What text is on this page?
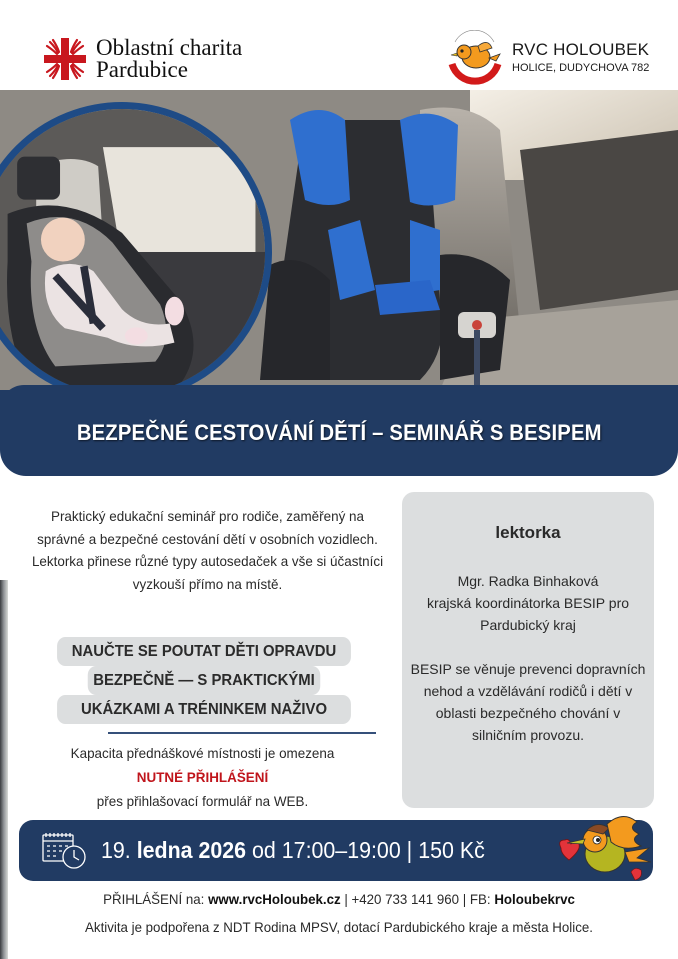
Oblastní charita
Pardubice
RVC HOLOUBEK
HOLICE, DUDYCHOVA 782
BEZPEČNÉ CESTOVÁNÍ DĚTÍ – SEMINÁŘ S BESIPEM

Praktický edukační seminář pro rodiče, zaměřený na správné a bezpečné cestování dětí v osobních vozidlech.

Lektorka přinese různé typy autosedaček a vše si účastníci vyzkouší přímo na místě.

NAUČTE SE POUTAT DĚTI OPRAVDU
BEZPEČNĚ — S PRAKTICKÝMI
UKÁZKAMI A TRÉNINKEM NAŽIVO
Kapacita přednáškové místnosti je omezena
NUTNÉ PŘIHLÁŠENÍ
přes přihlašovací formulář na WEB.
lektorka
Mgr. Radka Binhaková
krajská koordinátorka BESIP pro Pardubický kraj
BESIP se věnuje prevenci dopravních nehod a vzdělávání rodičů i dětí v oblasti bezpečného chování v silničním provozu.
19. ledna 2026 od 17:00–19:00 | 150 Kč
PŘIHLÁŠENÍ na: www.rvcHoloubek.cz | +420 733 141 960 | FB: Holoubekrvc
Aktivita je podpořena z NDT Rodina MPSV, dotací Pardubického kraje a města Holice.
